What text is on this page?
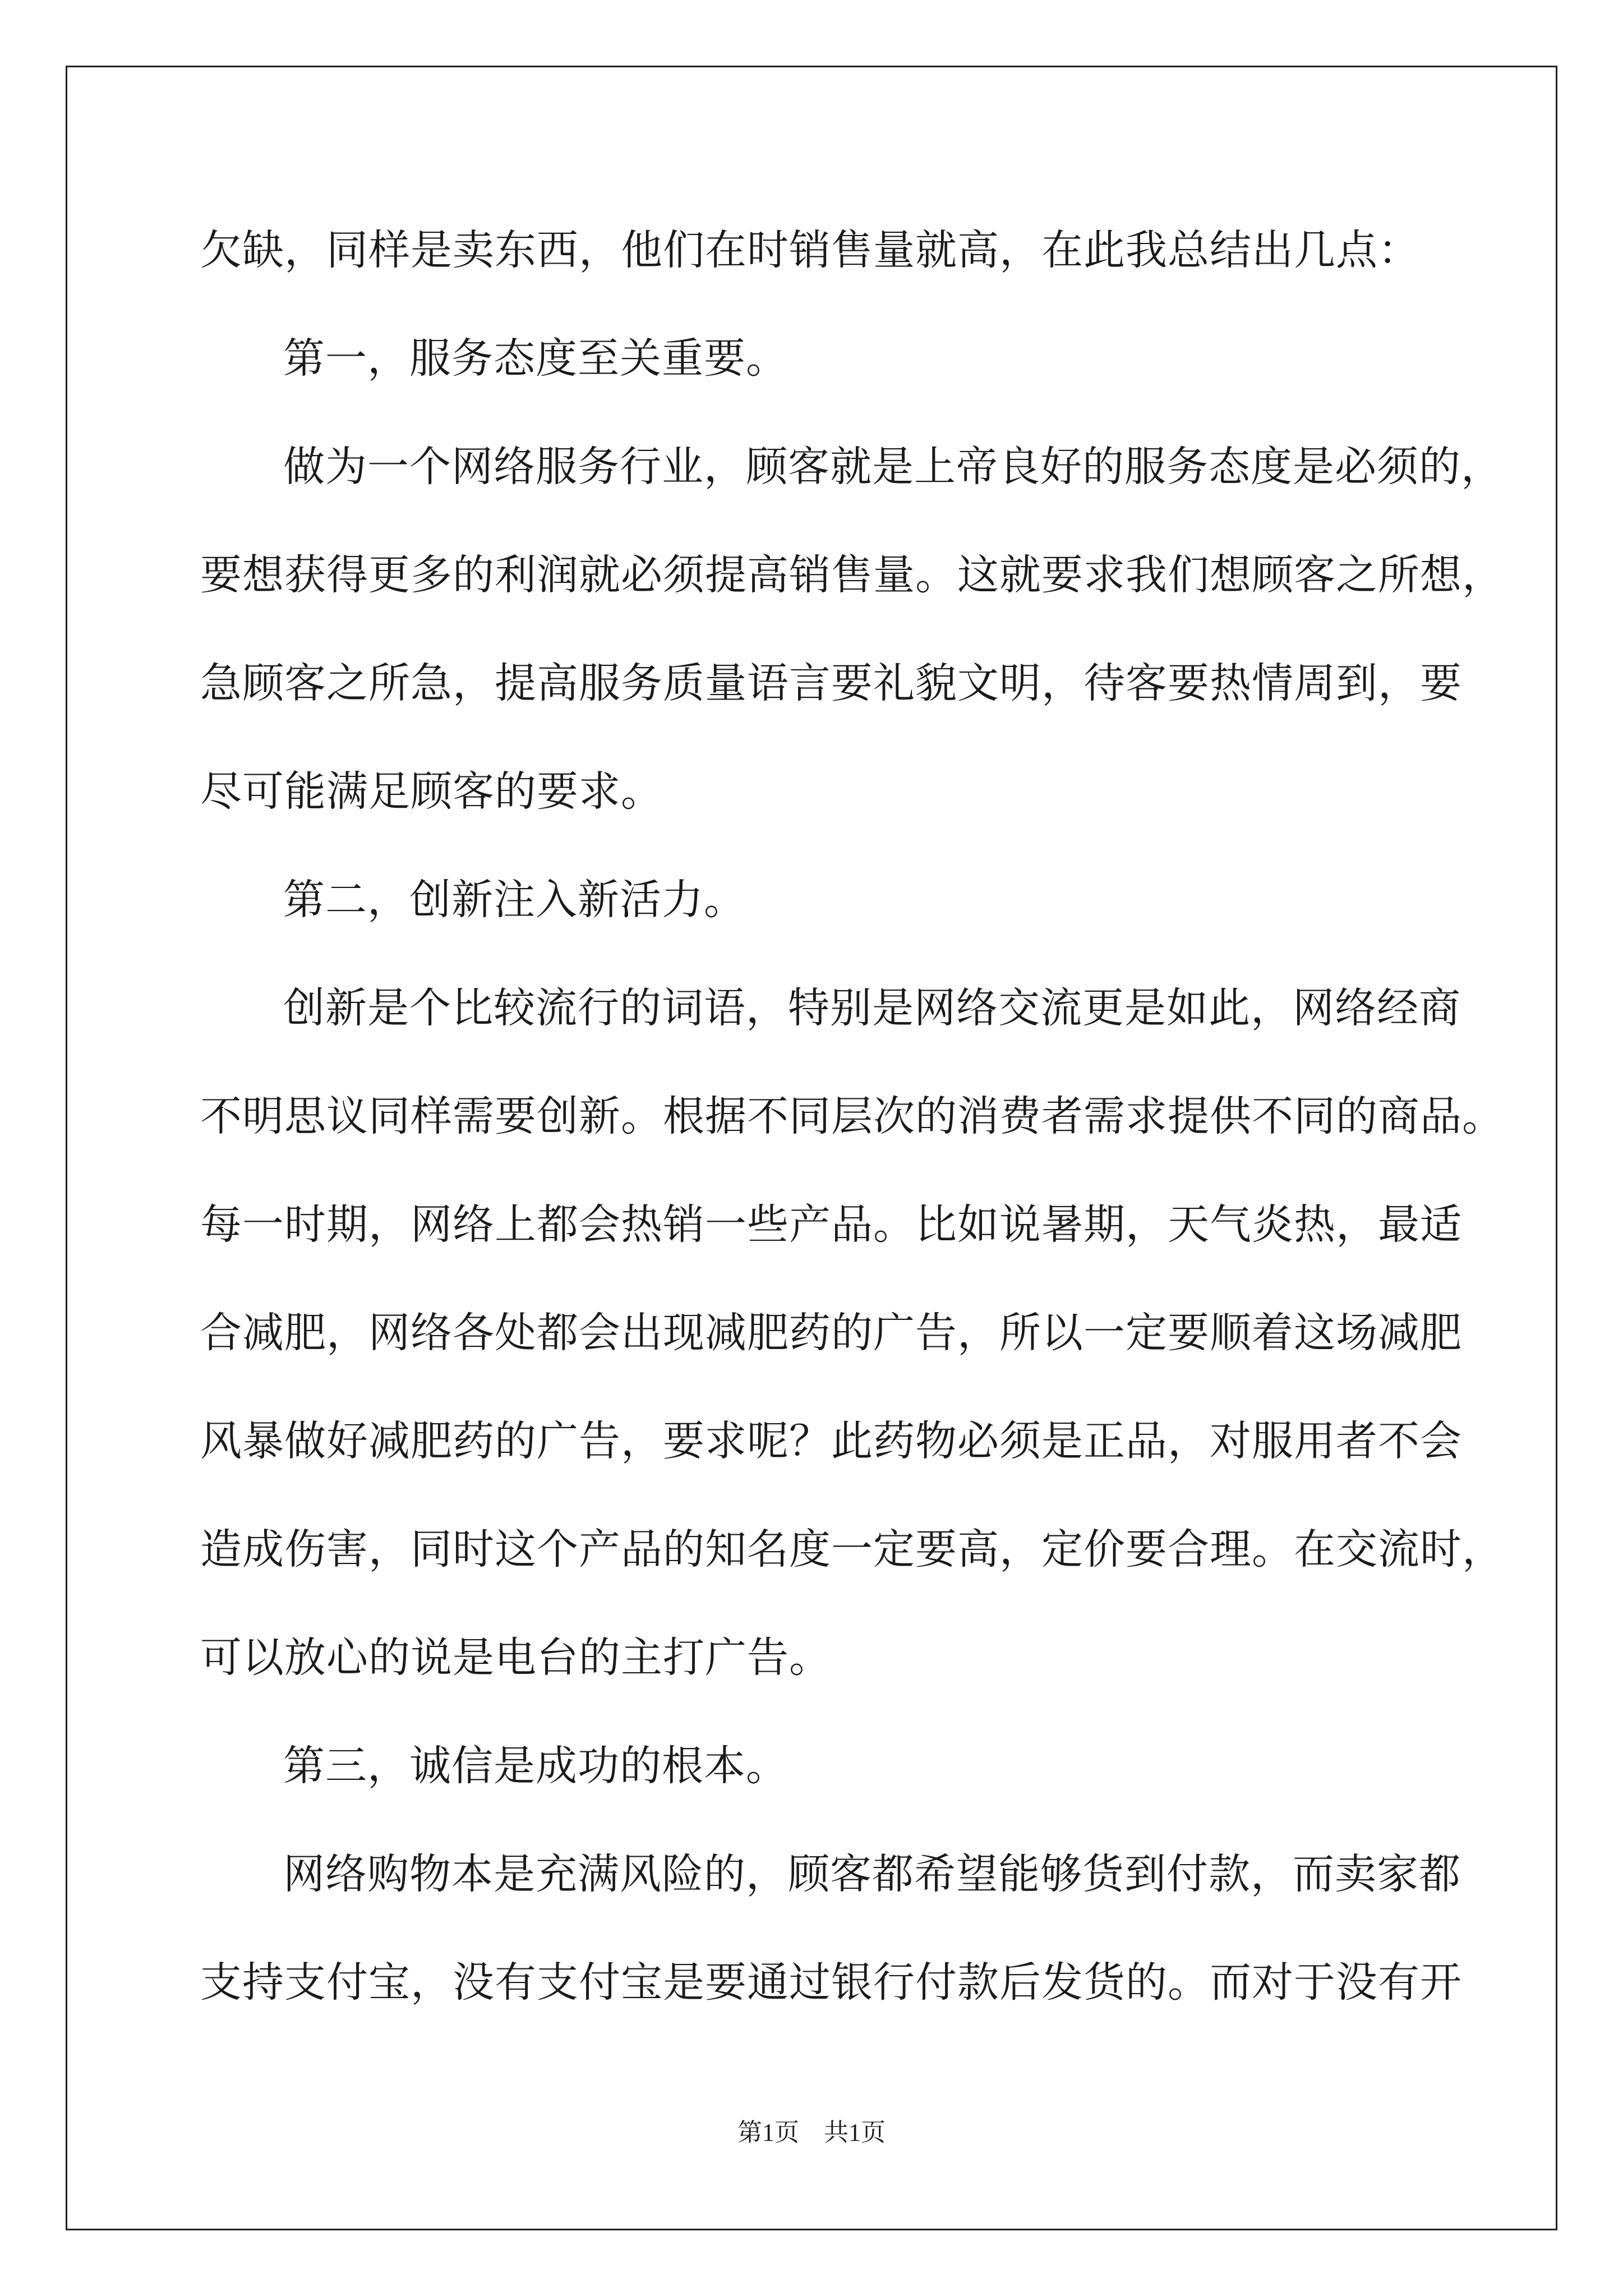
欠缺，同样是卖东西，他们在时销售量就高，在此我总结出几点：
第一，服务态度至关重要。
做为一个网络服务行业，顾客就是上帝良好的服务态度是必须的，
要想获得更多的利润就必须提高销售量。这就要求我们想顾客之所想，
急顾客之所急，提高服务质量语言要礼貌文明，待客要热情周到，要
尽可能满足顾客的要求。
第二，创新注入新活力。
创新是个比较流行的词语，特别是网络交流更是如此，网络经商
不明思议同样需要创新。根据不同层次的消费者需求提供不同的商品。
每一时期，网络上都会热销一些产品。比如说暑期，天气炎热，最适
合减肥，网络各处都会出现减肥药的广告，所以一定要顺着这场减肥
风暴做好减肥药的广告，要求呢？此药物必须是正品，对服用者不会
造成伤害，同时这个产品的知名度一定要高，定价要合理。在交流时，
可以放心的说是电台的主打广告。
第三，诚信是成功的根本。
网络购物本是充满风险的，顾客都希望能够货到付款，而卖家都
支持支付宝，没有支付宝是要通过银行付款后发货的。而对于没有开
第1页　共1页
